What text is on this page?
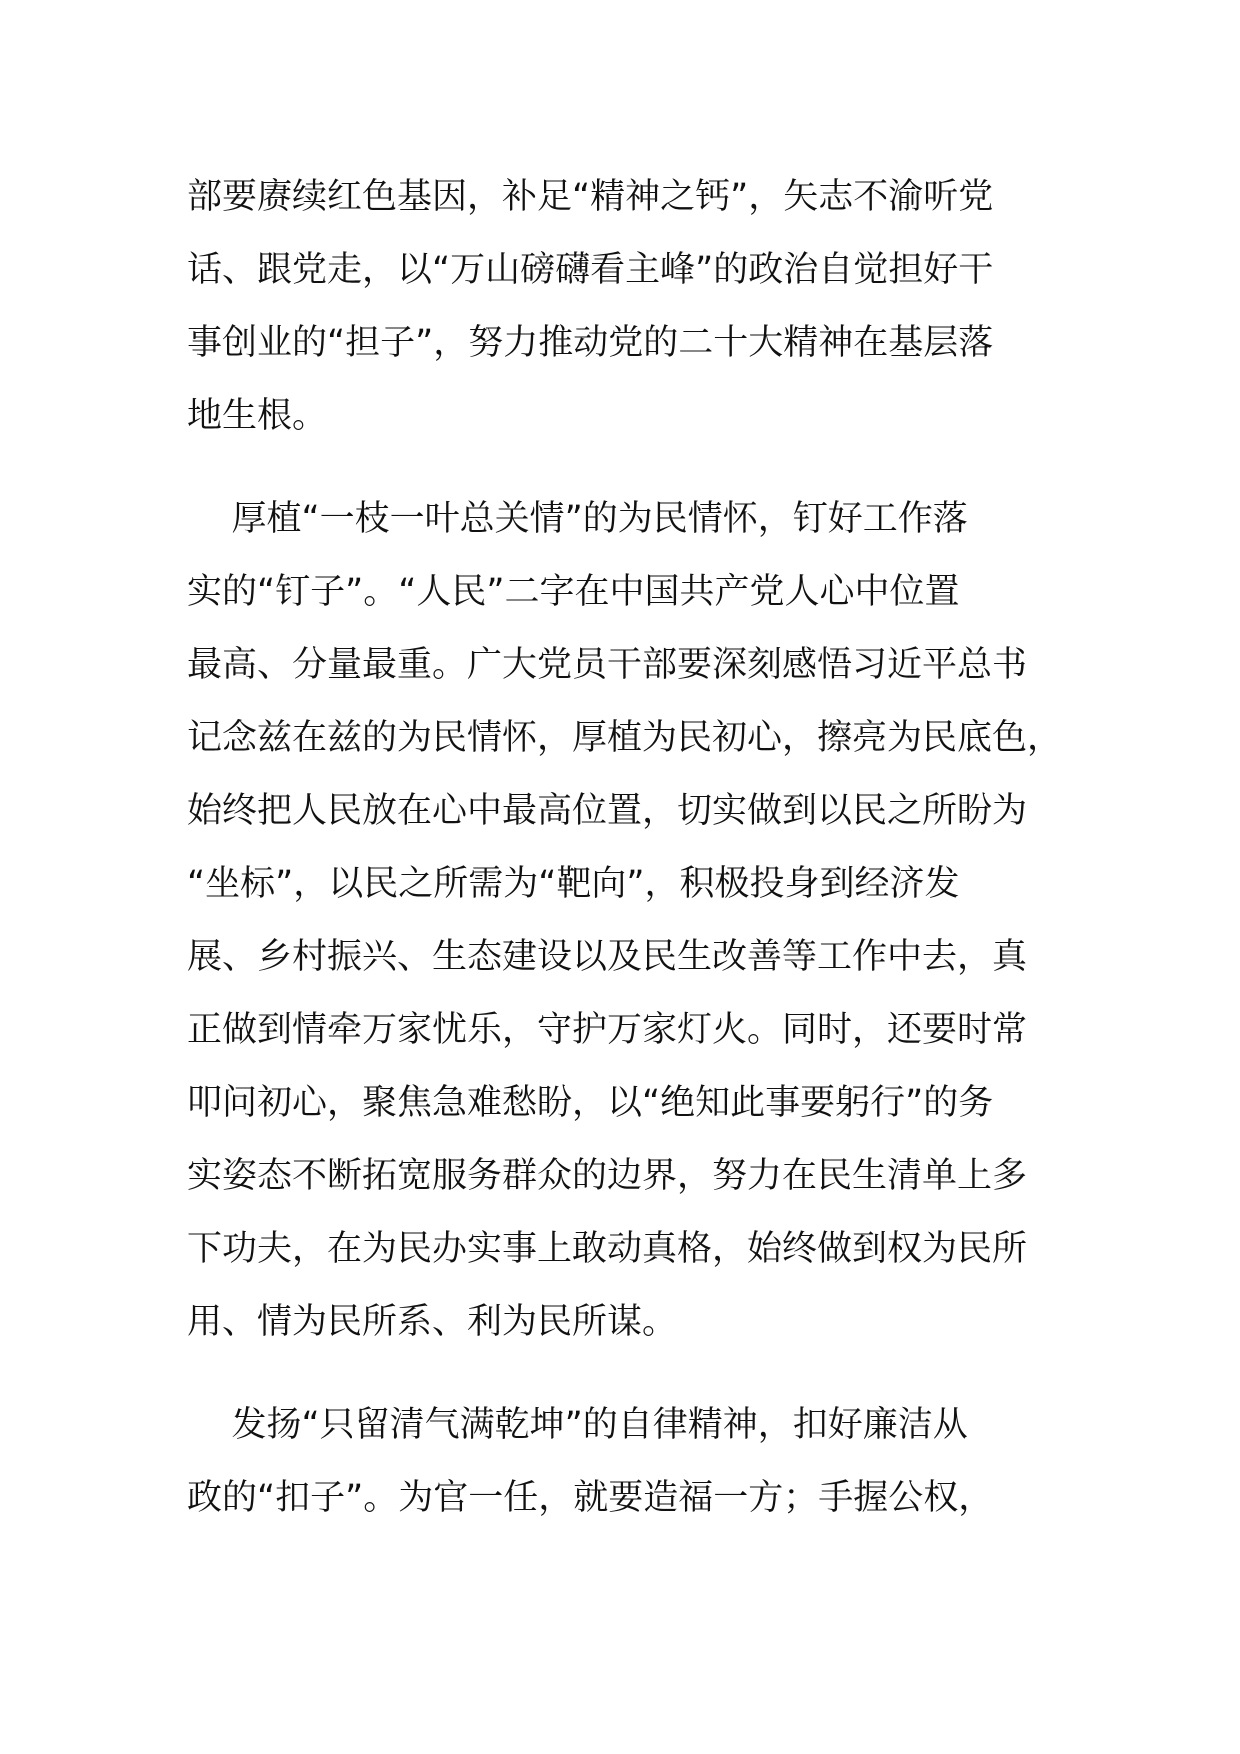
部要赓续红色基因，补足“精神之钙”，矢志不渝听党
话、跟党走，以“万山磅礴看主峰”的政治自觉担好干
事创业的“担子”，努力推动党的二十大精神在基层落
地生根。
厚植“一枝一叶总关情”的为民情怀，钉好工作落
实的“钉子”。“人民”二字在中国共产党人心中位置
最高、分量最重。广大党员干部要深刻感悟习近平总书
记念兹在兹的为民情怀，厚植为民初心，擦亮为民底色，
始终把人民放在心中最高位置，切实做到以民之所盼为
“坐标”，以民之所需为“靶向”，积极投身到经济发
展、乡村振兴、生态建设以及民生改善等工作中去，真
正做到情牵万家忧乐，守护万家灯火。同时，还要时常
叩问初心，聚焦急难愁盼，以“绝知此事要躬行”的务
实姿态不断拓宽服务群众的边界，努力在民生清单上多
下功夫，在为民办实事上敢动真格，始终做到权为民所
用、情为民所系、利为民所谋。
发扬“只留清气满乾坤”的自律精神，扣好廉洁从
政的“扣子”。为官一任，就要造福一方；手握公权，
